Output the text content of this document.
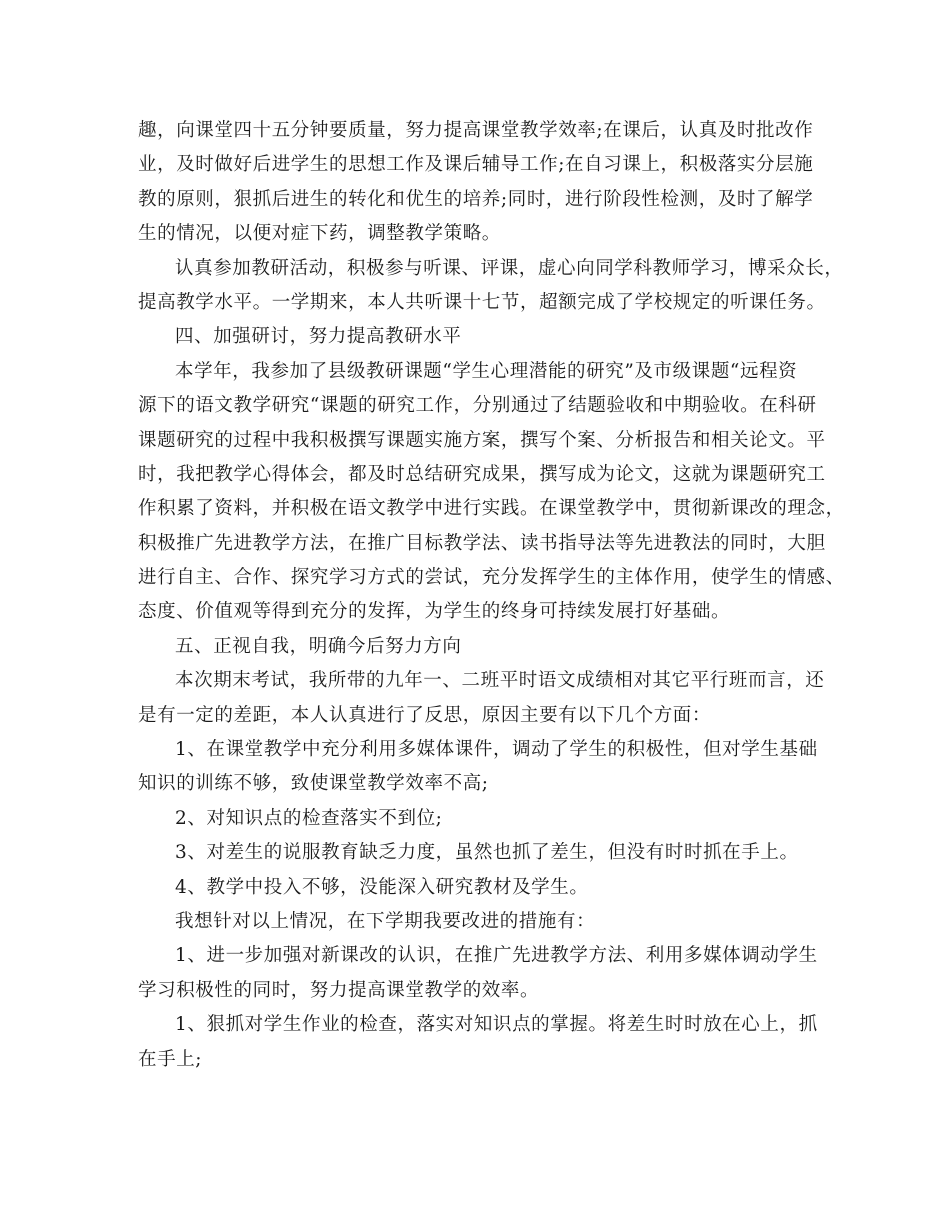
趣，向课堂四十五分钟要质量，努力提高课堂教学效率;在课后，认真及时批改作
业，及时做好后进学生的思想工作及课后辅导工作;在自习课上，积极落实分层施
教的原则，狠抓后进生的转化和优生的培养;同时，进行阶段性检测，及时了解学
生的情况，以便对症下药，调整教学策略。
认真参加教研活动，积极参与听课、评课，虚心向同学科教师学习，博采众长，
提高教学水平。一学期来，本人共听课十七节，超额完成了学校规定的听课任务。
四、加强研讨，努力提高教研水平
本学年，我参加了县级教研课题“学生心理潜能的研究”及市级课题“远程资
源下的语文教学研究“课题的研究工作，分别通过了结题验收和中期验收。在科研
课题研究的过程中我积极撰写课题实施方案，撰写个案、分析报告和相关论文。平
时，我把教学心得体会，都及时总结研究成果，撰写成为论文，这就为课题研究工
作积累了资料，并积极在语文教学中进行实践。在课堂教学中，贯彻新课改的理念，
积极推广先进教学方法，在推广目标教学法、读书指导法等先进教法的同时，大胆
进行自主、合作、探究学习方式的尝试，充分发挥学生的主体作用，使学生的情感、
态度、价值观等得到充分的发挥，为学生的终身可持续发展打好基础。
五、正视自我，明确今后努力方向
本次期末考试，我所带的九年一、二班平时语文成绩相对其它平行班而言，还
是有一定的差距，本人认真进行了反思，原因主要有以下几个方面：
1、在课堂教学中充分利用多媒体课件，调动了学生的积极性，但对学生基础
知识的训练不够，致使课堂教学效率不高;
2、对知识点的检查落实不到位;
3、对差生的说服教育缺乏力度，虽然也抓了差生，但没有时时抓在手上。
4、教学中投入不够，没能深入研究教材及学生。
我想针对以上情况，在下学期我要改进的措施有：
1、进一步加强对新课改的认识，在推广先进教学方法、利用多媒体调动学生
学习积极性的同时，努力提高课堂教学的效率。
1、狠抓对学生作业的检查，落实对知识点的掌握。将差生时时放在心上，抓
在手上;
